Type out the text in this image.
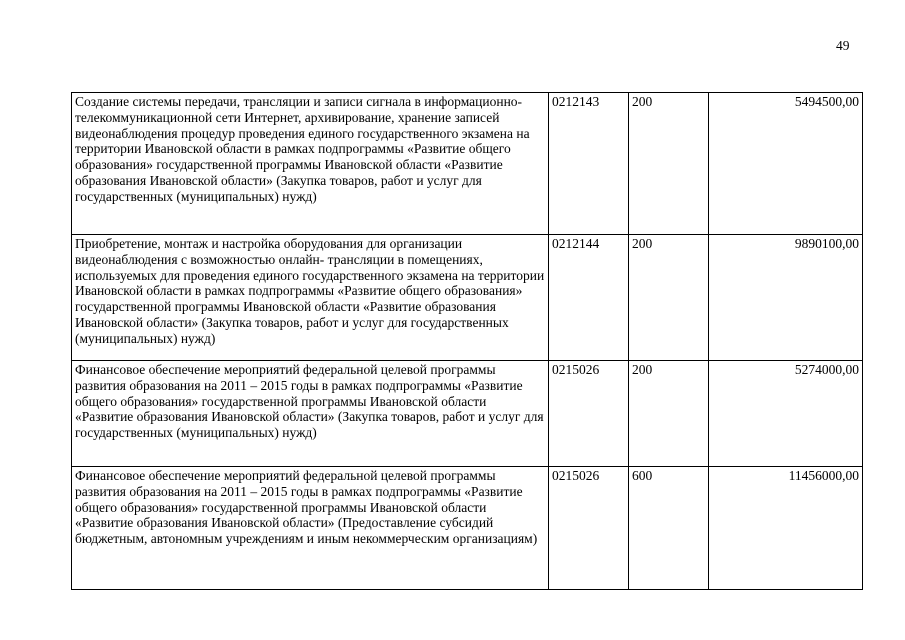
49
Создание системы передачи, трансляции и записи сигнала в информационно-телекоммуникационной сети Интернет, архивирование, хранение записей видеонаблюдения процедур проведения единого государственного экзамена на территории Ивановской области в рамках подпрограммы «Развитие общего образования» государственной программы Ивановской области «Развитие образования Ивановской области» (Закупка товаров, работ и услуг для государственных (муниципальных) нужд)	0212143	200	5494500,00
Приобретение, монтаж и настройка оборудования для организации видеонаблюдения с возможностью онлайн- трансляции в помещениях, используемых для проведения единого государственного экзамена на территории Ивановской области в рамках подпрограммы «Развитие общего образования» государственной программы Ивановской области «Развитие образования Ивановской области» (Закупка товаров, работ и услуг для государственных (муниципальных) нужд)	0212144	200	9890100,00
Финансовое обеспечение мероприятий федеральной целевой программы развития образования на 2011 – 2015 годы в рамках подпрограммы «Развитие общего образования» государственной программы Ивановской области «Развитие образования Ивановской области» (Закупка товаров, работ и услуг для государственных (муниципальных) нужд)	0215026	200	5274000,00
Финансовое обеспечение мероприятий федеральной целевой программы развития образования на 2011 – 2015 годы в рамках подпрограммы «Развитие общего образования» государственной программы Ивановской области «Развитие образования Ивановской области» (Предоставление субсидий бюджетным, автономным учреждениям и иным некоммерческим организациям)	0215026	600	11456000,00
